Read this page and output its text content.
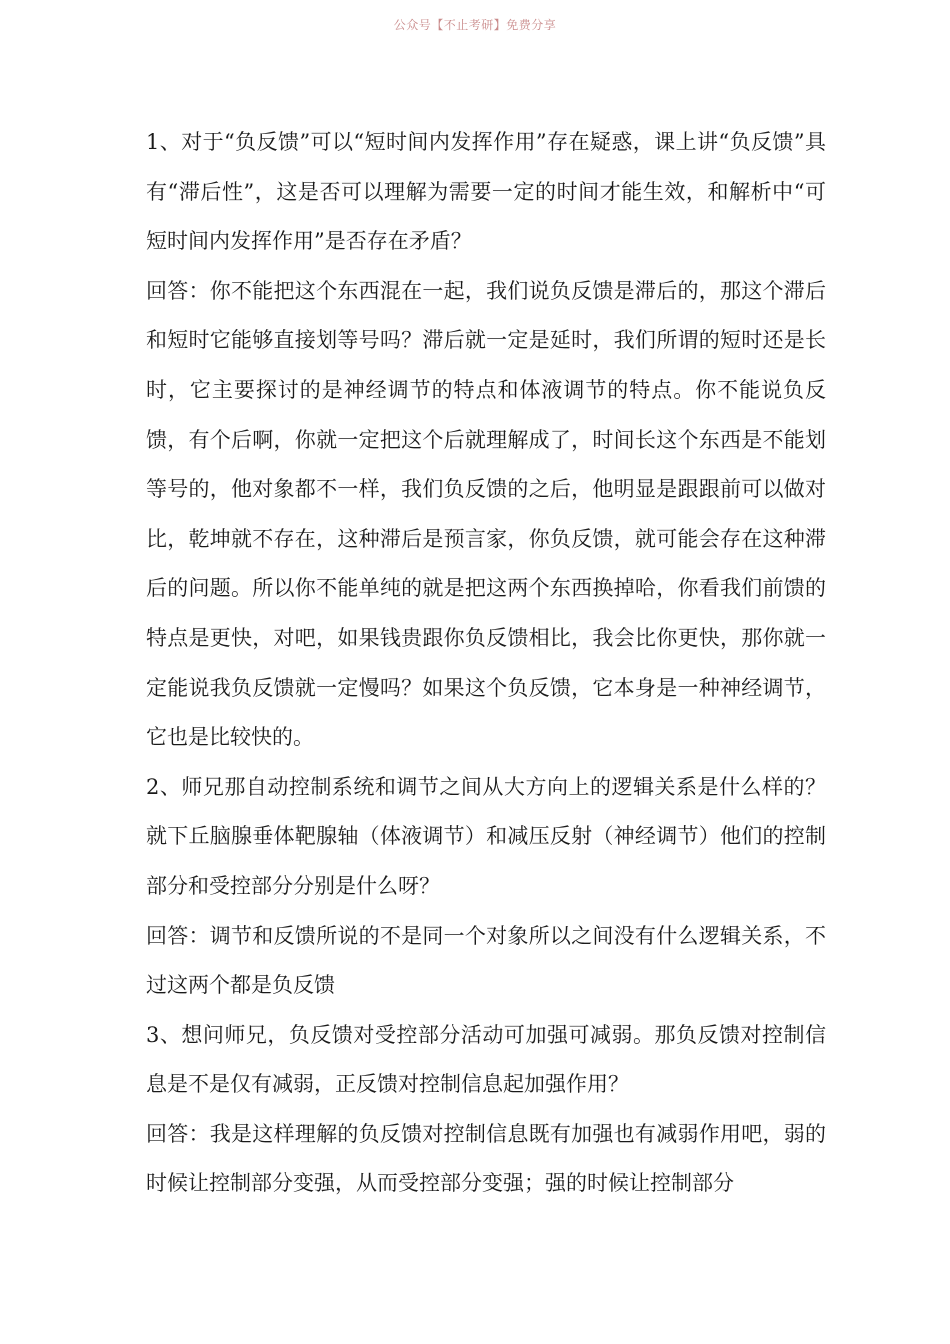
公众号【不止考研】免费分享

1、对于“负反馈”可以“短时间内发挥作用”存在疑惑，课上讲“负反馈”具有“滞后性”，这是否可以理解为需要一定的时间才能生效，和解析中“可短时间内发挥作用”是否存在矛盾？

回答：你不能把这个东西混在一起，我们说负反馈是滞后的，那这个滞后和短时它能够直接划等号吗？滞后就一定是延时，我们所谓的短时还是长时，它主要探讨的是神经调节的特点和体液调节的特点。你不能说负反馈，有个后啊，你就一定把这个后就理解成了，时间长这个东西是不能划等号的，他对象都不一样，我们负反馈的之后，他明显是跟跟前可以做对比，乾坤就不存在，这种滞后是预言家，你负反馈，就可能会存在这种滞后的问题。所以你不能单纯的就是把这两个东西换掉哈，你看我们前馈的特点是更快，对吧，如果钱贵跟你负反馈相比，我会比你更快，那你就一定能说我负反馈就一定慢吗？如果这个负反馈，它本身是一种神经调节，它也是比较快的。

2、师兄那自动控制系统和调节之间从大方向上的逻辑关系是什么样的？就下丘脑腺垂体靶腺轴（体液调节）和减压反射（神经调节）他们的控制部分和受控部分分别是什么呀？

回答：调节和反馈所说的不是同一个对象所以之间没有什么逻辑关系，不过这两个都是负反馈

3、想问师兄，负反馈对受控部分活动可加强可减弱。那负反馈对控制信息是不是仅有减弱，正反馈对控制信息起加强作用？

回答：我是这样理解的负反馈对控制信息既有加强也有减弱作用吧，弱的时候让控制部分变强，从而受控部分变强；强的时候让控制部分
